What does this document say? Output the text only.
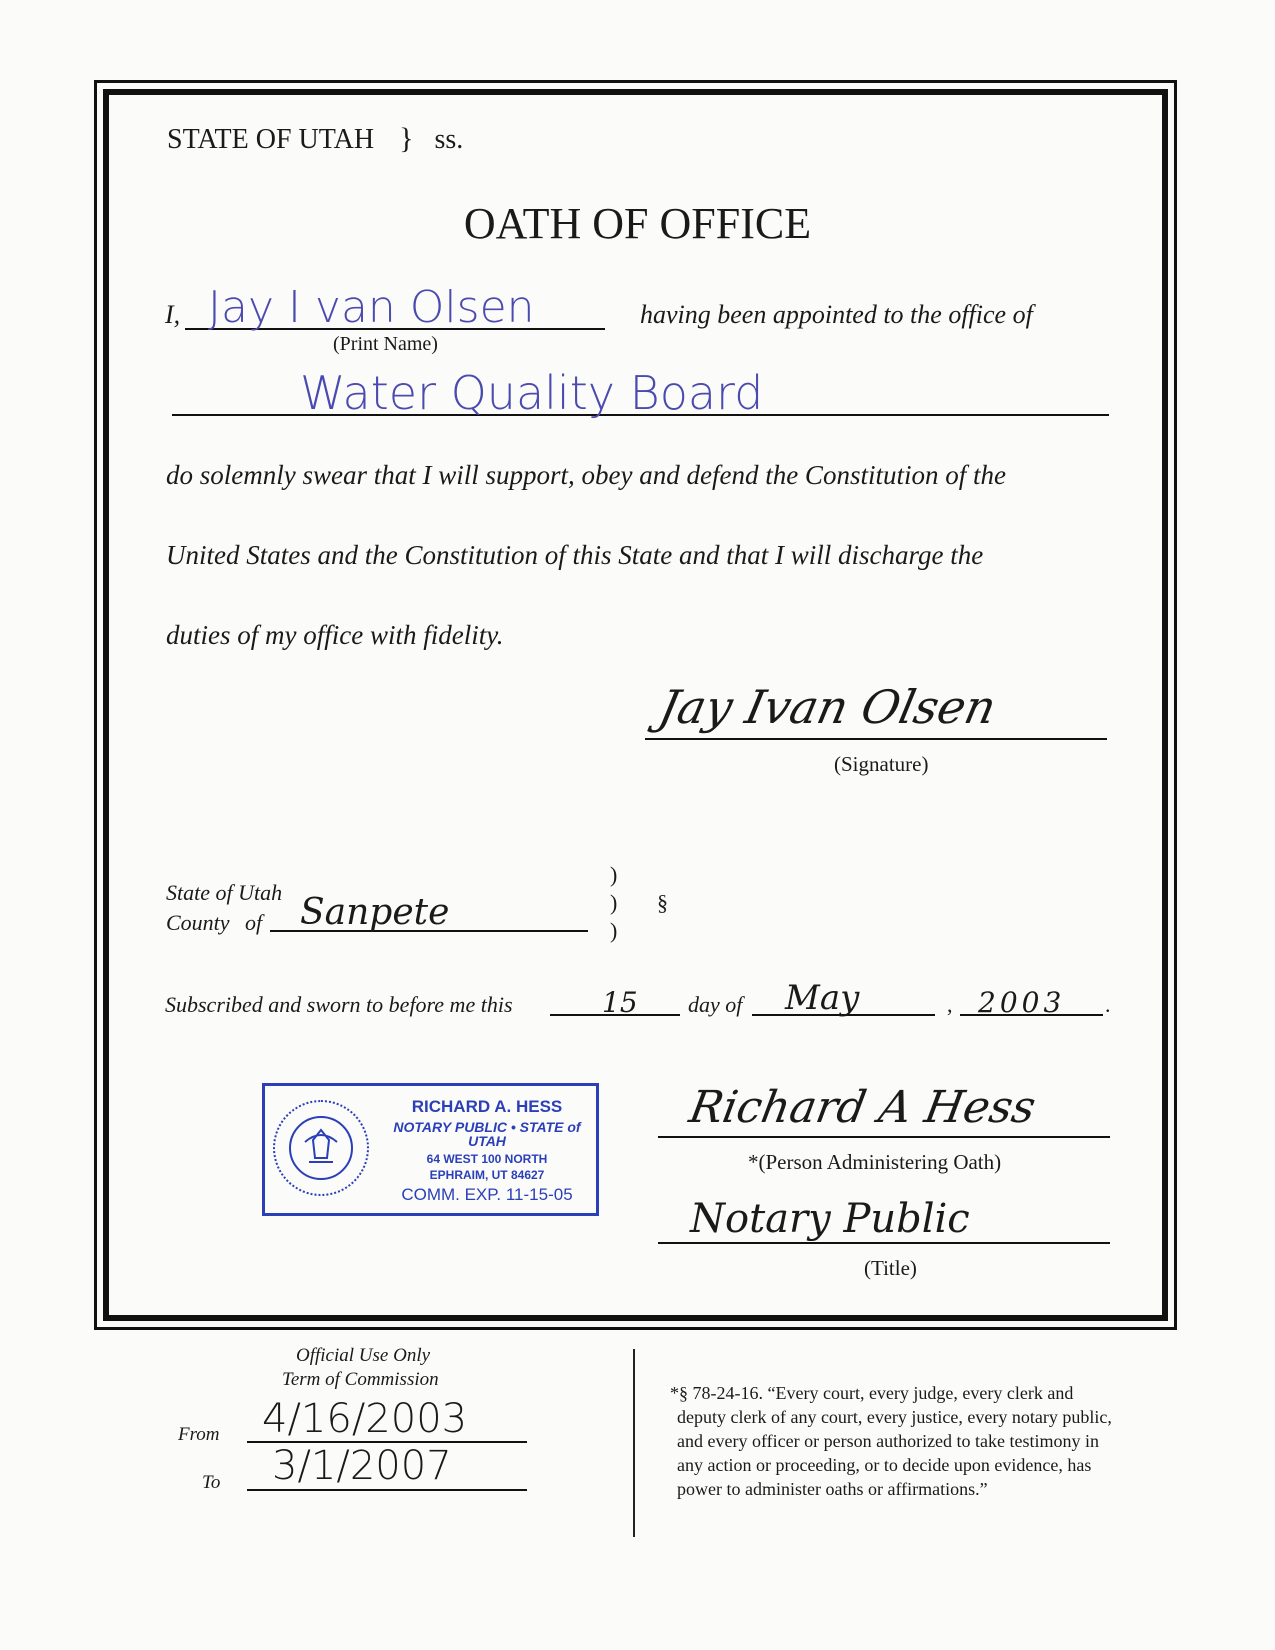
STATE OF UTAH } ss.
OATH OF OFFICE
I, Jay I van Olsen
(Print Name)
having been appointed to the office of
Water Quality Board
do solemnly swear that I will support, obey and defend the Constitution of the
United States and the Constitution of this State and that I will discharge the
duties of my office with fidelity.
Jay Ivan Olsen
(Signature)
State of Utah
County of Sanpete
)
)
)
§
Subscribed and sworn to before me this	15 day of May	, 2003 .
RICHARD A. HESS
NOTARY PUBLIC • STATE of UTAH
64 WEST 100 NORTH
EPHRAIM, UT 84627
COMM. EXP. 11-15-05
Richard A Hess
*(Person Administering Oath)
Notary Public
(Title)
Official Use Only
Term of Commission
From 4/16/2003
To 3/1/2007
*§ 78-24-16. “Every court, every judge, every clerk and
deputy clerk of any court, every justice, every notary public,
and every officer or person authorized to take testimony in
any action or proceeding, or to decide upon evidence, has
power to administer oaths or affirmations.”
